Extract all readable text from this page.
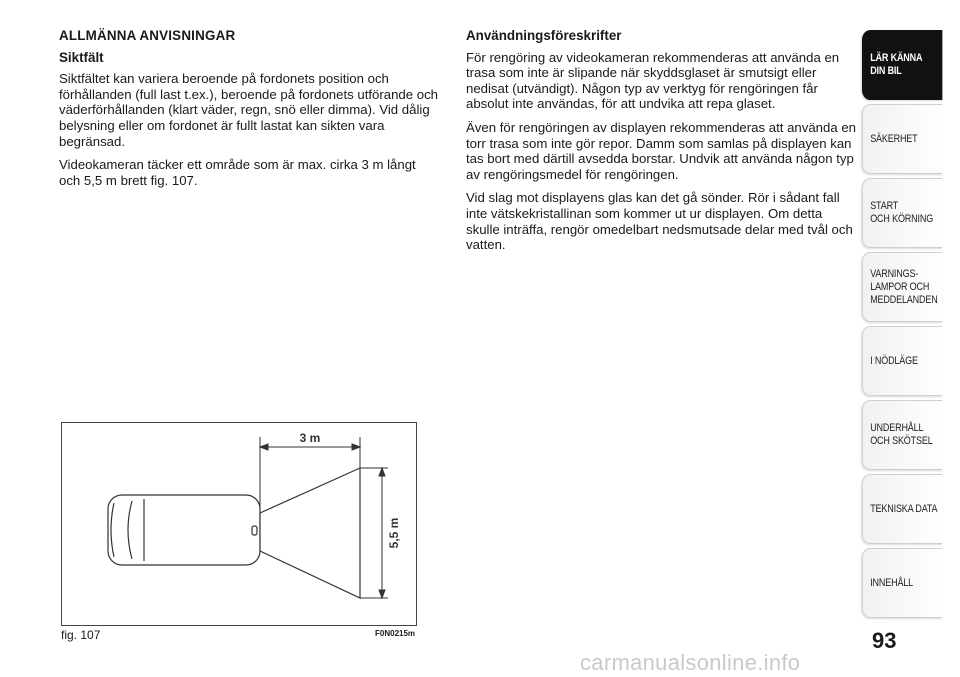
ALLMÄNNA ANVISNINGAR
Siktfält

Siktfältet kan variera beroende på fordonets position och förhållanden (full last t.ex.), beroende på fordonets utförande och väderförhållanden (klart väder, regn, snö eller dimma). Vid dålig belysning eller om fordonet är fullt lastat kan sikten vara begränsad.

Videokameran täcker ett område som är max. cirka 3 m långt och 5,5 m brett fig. 107.

Användningsföreskrifter

För rengöring av videokameran rekommenderas att använda en trasa som inte är slipande när skyddsglaset är smutsigt eller nedisat (utvändigt). Någon typ av verktyg för rengöringen får absolut inte användas, för att undvika att repa glaset.

Även för rengöringen av displayen rekommenderas att använda en torr trasa som inte gör repor. Damm som samlas på displayen kan tas bort med därtill avsedda borstar. Undvik att använda någon typ av rengöringsmedel för rengöringen.

Vid slag mot displayens glas kan det gå sönder. Rör i sådant fall inte vätskekristallinan som kommer ut ur displayen. Om detta skulle inträffa, rengör omedelbart nedsmutsade delar med tvål och vatten.

3 m
5,5 m
fig. 107	F0N0215m
LÄR KÄNNA
DIN BIL
SÄKERHET
START
OCH KÖRNING
VARNINGS-
LAMPOR OCH
MEDDELANDEN
I NÖDLÄGE
UNDERHÅLL
OCH SKÖTSEL
TEKNISKA DATA
INNEHÅLL
93
carmanualsonline.info
